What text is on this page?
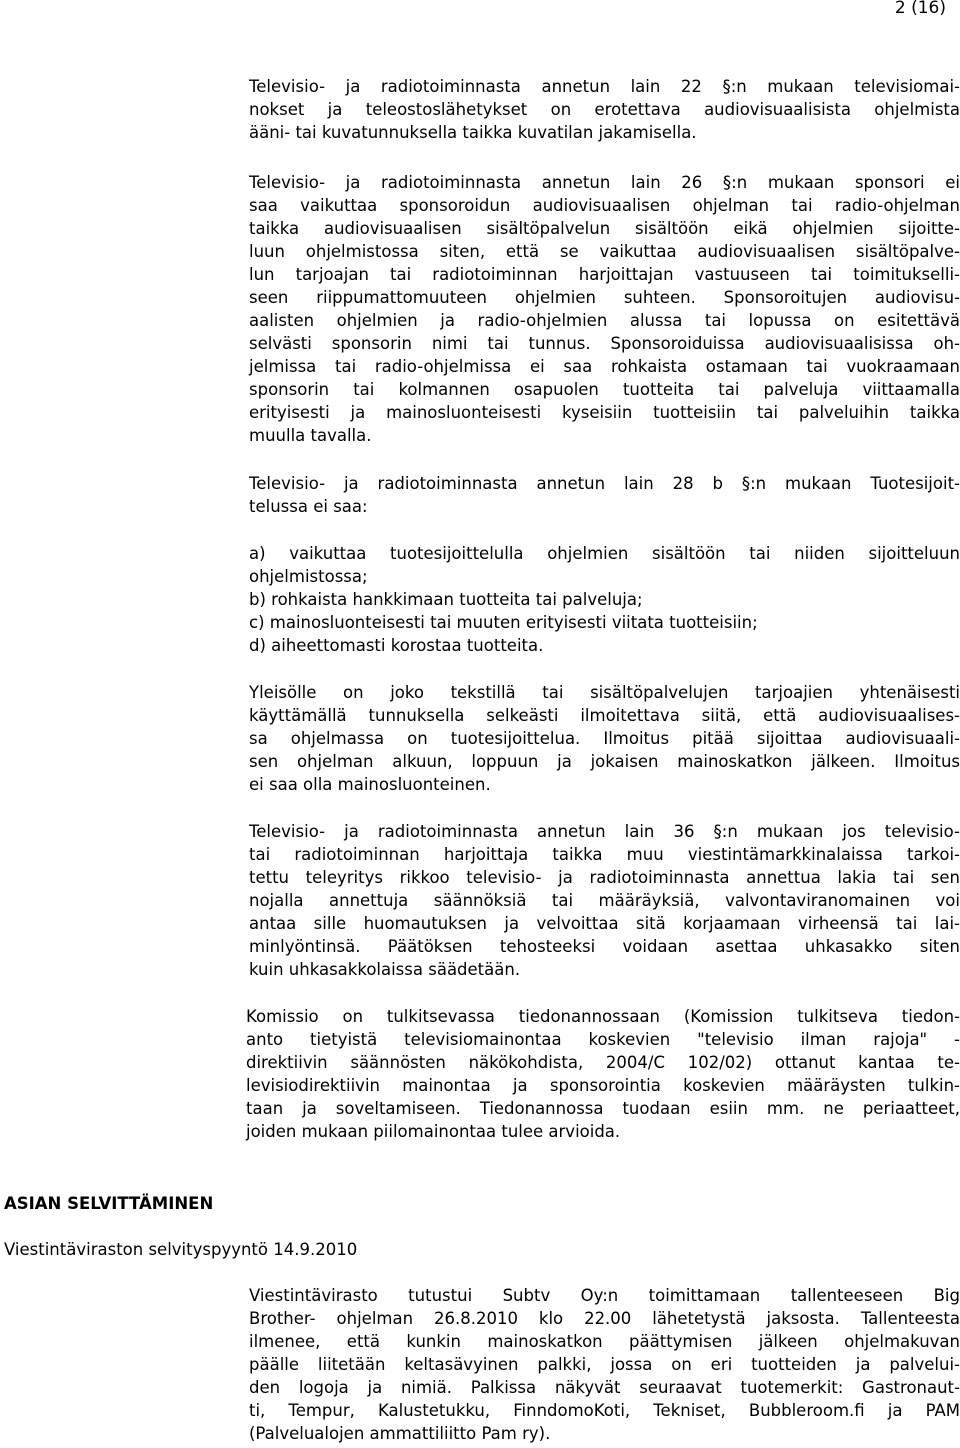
2 (16)
Televisio- ja radiotoiminnasta annetun lain 22 §:n mukaan televisiomai-
nokset ja teleostoslähetykset on erotettava audiovisuaalisista ohjelmista
ääni- tai kuvatunnuksella taikka kuvatilan jakamisella.
Televisio- ja radiotoiminnasta annetun lain 26 §:n mukaan sponsori ei
saa vaikuttaa sponsoroidun audiovisuaalisen ohjelman tai radio-ohjelman
taikka audiovisuaalisen sisältöpalvelun sisältöön eikä ohjelmien sijoitte-
luun ohjelmistossa siten, että se vaikuttaa audiovisuaalisen sisältöpalve-
lun tarjoajan tai radiotoiminnan harjoittajan vastuuseen tai toimitukselli-
seen riippumattomuuteen ohjelmien suhteen. Sponsoroitujen audiovisu-
aalisten ohjelmien ja radio-ohjelmien alussa tai lopussa on esitettävä
selvästi sponsorin nimi tai tunnus. Sponsoroiduissa audiovisuaalisissa oh-
jelmissa tai radio-ohjelmissa ei saa rohkaista ostamaan tai vuokraamaan
sponsorin tai kolmannen osapuolen tuotteita tai palveluja viittaamalla
erityisesti ja mainosluonteisesti kyseisiin tuotteisiin tai palveluihin taikka
muulla tavalla.
Televisio- ja radiotoiminnasta annetun lain 28 b §:n mukaan Tuotesijoit-
telussa ei saa:
a) vaikuttaa tuotesijoittelulla ohjelmien sisältöön tai niiden sijoitteluun
ohjelmistossa;
b) rohkaista hankkimaan tuotteita tai palveluja;
c) mainosluonteisesti tai muuten erityisesti viitata tuotteisiin;
d) aiheettomasti korostaa tuotteita.
Yleisölle on joko tekstillä tai sisältöpalvelujen tarjoajien yhtenäisesti
käyttämällä tunnuksella selkeästi ilmoitettava siitä, että audiovisuaalises-
sa ohjelmassa on tuotesijoittelua. Ilmoitus pitää sijoittaa audiovisuaali-
sen ohjelman alkuun, loppuun ja jokaisen mainoskatkon jälkeen. Ilmoitus
ei saa olla mainosluonteinen.
Televisio- ja radiotoiminnasta annetun lain 36 §:n mukaan jos televisio-
tai radiotoiminnan harjoittaja taikka muu viestintämarkkinalaissa tarkoi-
tettu teleyritys rikkoo televisio- ja radiotoiminnasta annettua lakia tai sen
nojalla annettuja säännöksiä tai määräyksiä, valvontaviranomainen voi
antaa sille huomautuksen ja velvoittaa sitä korjaamaan virheensä tai lai-
minlyöntinsä. Päätöksen tehosteeksi voidaan asettaa uhkasakko siten
kuin uhkasakkolaissa säädetään.
Komissio on tulkitsevassa tiedonannossaan (Komission tulkitseva tiedon-
anto tietyistä televisiomainontaa koskevien "televisio ilman rajoja" -
direktiivin säännösten näkökohdista, 2004/C 102/02) ottanut kantaa te-
levisiodirektiivin mainontaa ja sponsorointia koskevien määräysten tulkin-
taan ja soveltamiseen. Tiedonannossa tuodaan esiin mm. ne periaatteet,
joiden mukaan piilomainontaa tulee arvioida.
ASIAN SELVITTÄMINEN
Viestintäviraston selvityspyyntö 14.9.2010
Viestintävirasto tutustui Subtv Oy:n toimittamaan tallenteeseen Big
Brother- ohjelman 26.8.2010 klo 22.00 lähetetystä jaksosta. Tallenteesta
ilmenee, että kunkin mainoskatkon päättymisen jälkeen ohjelmakuvan
päälle liitetään keltasävyinen palkki, jossa on eri tuotteiden ja palvelui-
den logoja ja nimiä. Palkissa näkyvät seuraavat tuotemerkit: Gastronaut-
ti, Tempur, Kalustetukku, FinndomoKoti, Tekniset, Bubbleroom.fi ja PAM
(Palvelualojen ammattiliitto Pam ry).
